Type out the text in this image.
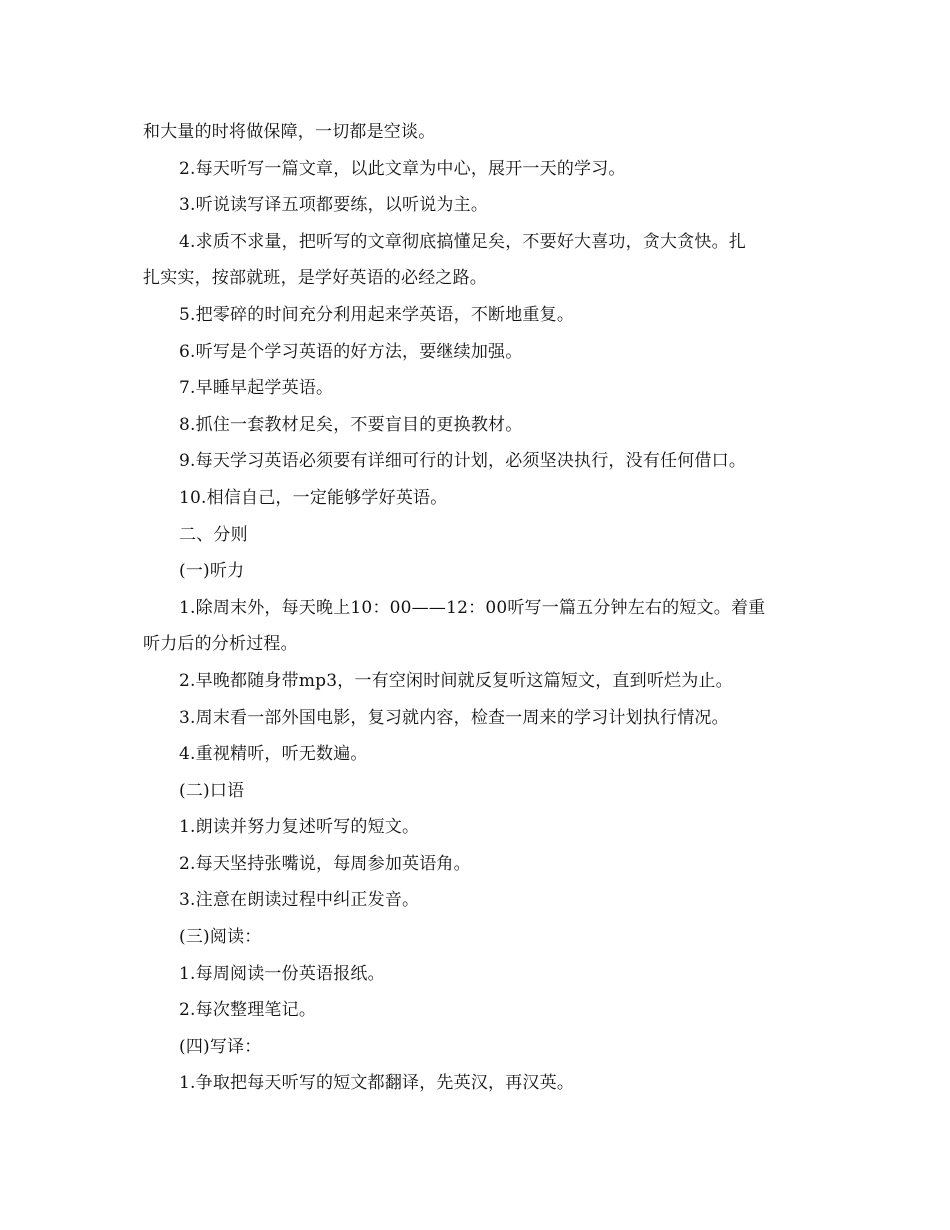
和大量的时将做保障，一切都是空谈。
2.每天听写一篇文章，以此文章为中心，展开一天的学习。
3.听说读写译五项都要练，以听说为主。
4.求质不求量，把听写的文章彻底搞懂足矣，不要好大喜功，贪大贪快。扎
扎实实，按部就班，是学好英语的必经之路。
5.把零碎的时间充分利用起来学英语，不断地重复。
6.听写是个学习英语的好方法，要继续加强。
7.早睡早起学英语。
8.抓住一套教材足矣，不要盲目的更换教材。
9.每天学习英语必须要有详细可行的计划，必须坚决执行，没有任何借口。
10.相信自己，一定能够学好英语。
二、分则
(一)听力
1.除周末外，每天晚上10：00——12：00听写一篇五分钟左右的短文。着重
听力后的分析过程。
2.早晚都随身带mp3，一有空闲时间就反复听这篇短文，直到听烂为止。
3.周末看一部外国电影，复习就内容，检查一周来的学习计划执行情况。
4.重视精听，听无数遍。
(二)口语
1.朗读并努力复述听写的短文。
2.每天坚持张嘴说，每周参加英语角。
3.注意在朗读过程中纠正发音。
(三)阅读：
1.每周阅读一份英语报纸。
2.每次整理笔记。
(四)写译：
1.争取把每天听写的短文都翻译，先英汉，再汉英。
